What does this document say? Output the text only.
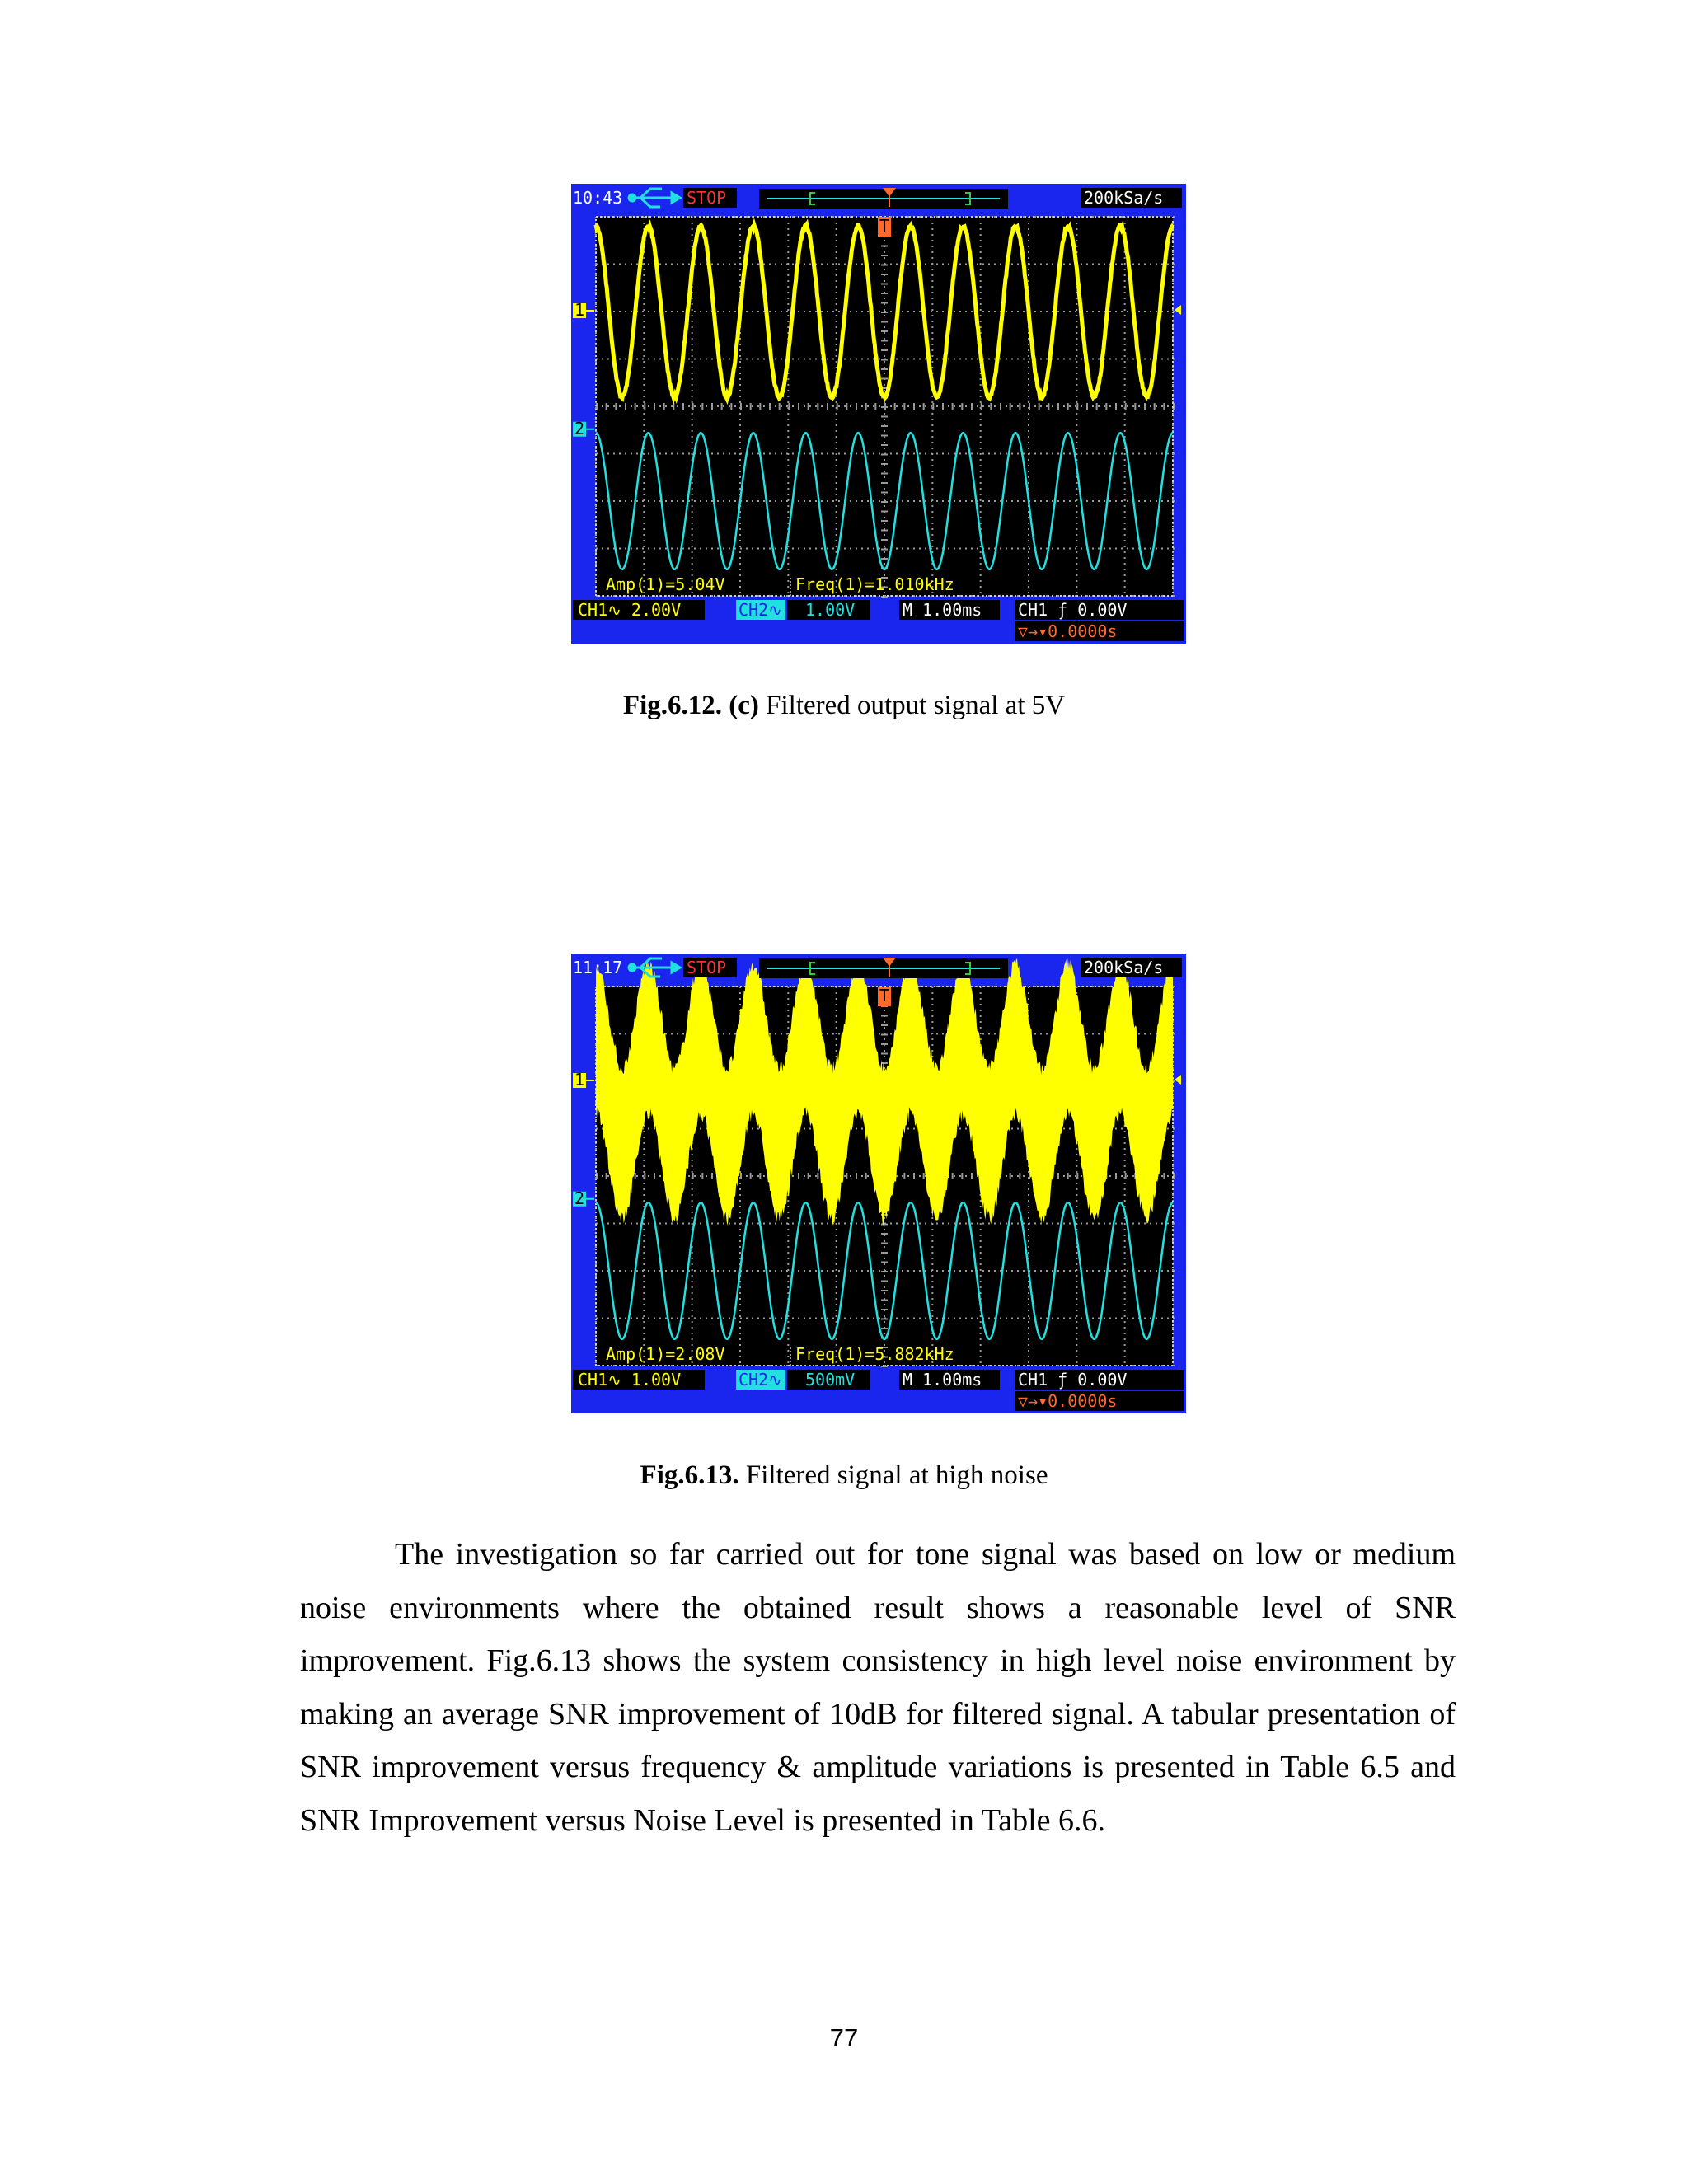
1
2
10:43	STOP	200kSa/s
T
Amp(1)=5.04V	Freq(1)=1.010kHz
CH1∿ 2.00V	CH2∿ 1.00V	M 1.00ms CH1 ƒ 0.00V
▽→▾0.0000s
Fig.6.12. (c) Filtered output signal at 5V
1
2
11:17	STOP	200kSa/s
T
Amp(1)=2.08V	Freq(1)=5.882kHz
CH1∿ 1.00V	CH2∿ 500mV	M 1.00ms CH1 ƒ 0.00V
▽→▾0.0000s
Fig.6.13. Filtered signal at high noise

The investigation so far carried out for tone signal was based on low or medium noise environments where the obtained result shows a reasonable level of SNR improvement. Fig.6.13 shows the system consistency in high level noise environment by making an average SNR improvement of 10dB for filtered signal. A tabular presentation of SNR improvement versus frequency & amplitude variations is presented in Table 6.5 and SNR Improvement versus Noise Level is presented in Table 6.6.

77
